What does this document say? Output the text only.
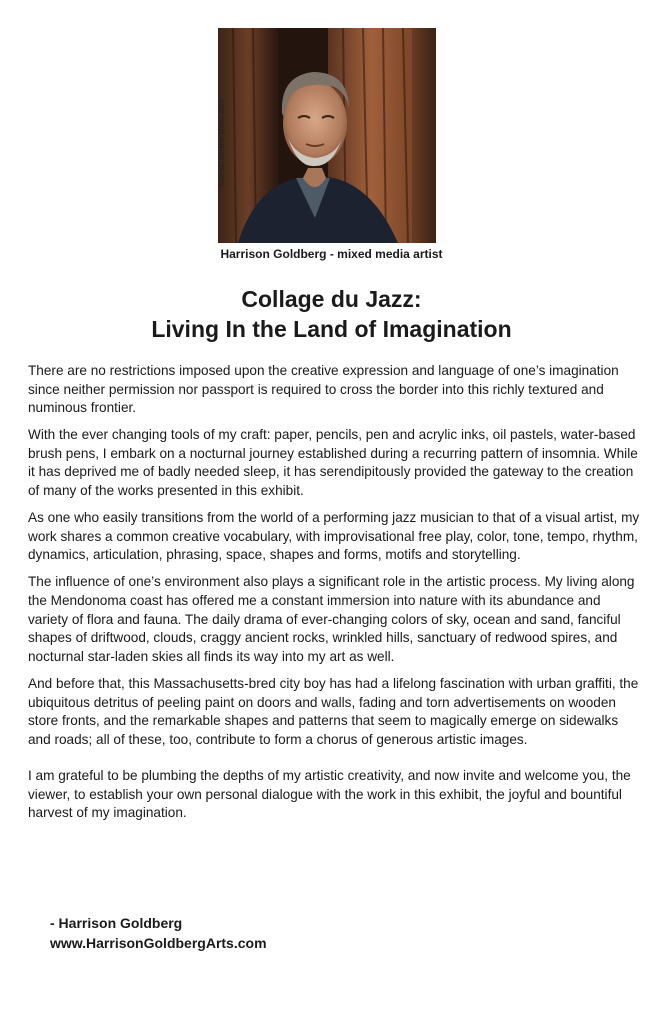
Michael Betattie photo 2018
Harrison Goldberg - mixed media artist
Collage du Jazz:
Living In the Land of Imagination

There are no restrictions imposed upon the creative expression and language of one’s imagination since neither permission nor passport is required to cross the border into this richly textured and numinous frontier.

With the ever changing tools of my craft: paper, pencils, pen and acrylic inks, oil pastels, water-based brush pens, I embark on a nocturnal journey established during a recurring pattern of insomnia. While it has deprived me of badly needed sleep, it has serendipitously provided the gateway to the creation of many of the works presented in this exhibit.

As one who easily transitions from the world of a performing jazz musician to that of a visual artist, my work shares a common creative vocabulary, with improvisational free play, color, tone, tempo, rhythm, dynamics, articulation, phrasing, space, shapes and forms, motifs and storytelling.

The influence of one’s environment also plays a significant role in the artistic process. My living along the Mendonoma coast has offered me a constant immersion into nature with its abundance and variety of flora and fauna. The daily drama of ever-changing colors of sky, ocean and sand, fanciful shapes of driftwood, clouds, craggy ancient rocks, wrinkled hills, sanctuary of redwood spires, and nocturnal star-laden skies all finds its way into my art as well.

And before that, this Massachusetts-bred city boy has had a lifelong fascination with urban graffiti, the ubiquitous detritus of peeling paint on doors and walls, fading and torn advertisements on wooden store fronts, and the remarkable shapes and patterns that seem to magically emerge on sidewalks and roads; all of these, too, contribute to form a chorus of generous artistic images.

I am grateful to be plumbing the depths of my artistic creativity, and now invite and welcome you, the viewer, to establish your own personal dialogue with the work in this exhibit, the joyful and bountiful harvest of my imagination.

- Harrison Goldberg
www.HarrisonGoldbergArts.com
